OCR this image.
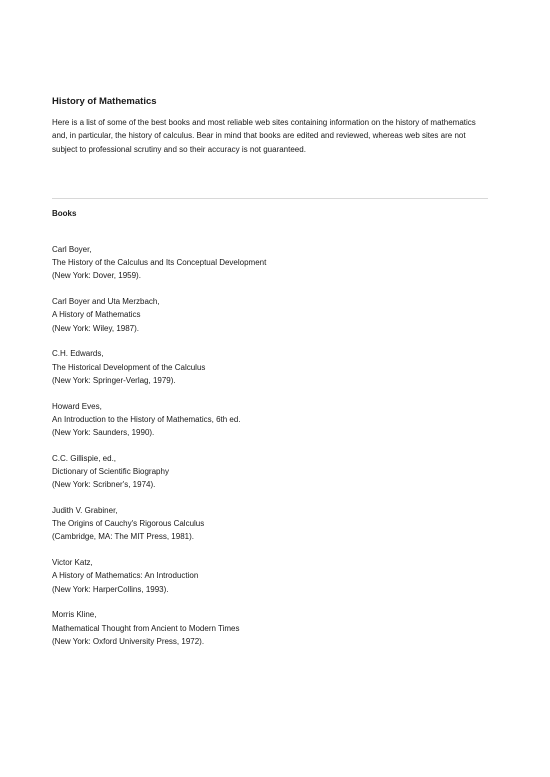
History of Mathematics

Here is a list of some of the best books and most reliable web sites containing information on the history of mathematics and, in particular, the history of calculus. Bear in mind that books are edited and reviewed, whereas web sites are not subject to professional scrutiny and so their accuracy is not guaranteed.

Books
Carl Boyer,
The History of the Calculus and Its Conceptual Development
(New York: Dover, 1959).
Carl Boyer and Uta Merzbach,
A History of Mathematics
(New York: Wiley, 1987).
C.H. Edwards,
The Historical Development of the Calculus
(New York: Springer-Verlag, 1979).
Howard Eves,
An Introduction to the History of Mathematics, 6th ed.
(New York: Saunders, 1990).
C.C. Gillispie, ed.,
Dictionary of Scientific Biography
(New York: Scribner's, 1974).
Judith V. Grabiner,
The Origins of Cauchy's Rigorous Calculus
(Cambridge, MA: The MIT Press, 1981).
Victor Katz,
A History of Mathematics: An Introduction
(New York: HarperCollins, 1993).
Morris Kline,
Mathematical Thought from Ancient to Modern Times
(New York: Oxford University Press, 1972).
